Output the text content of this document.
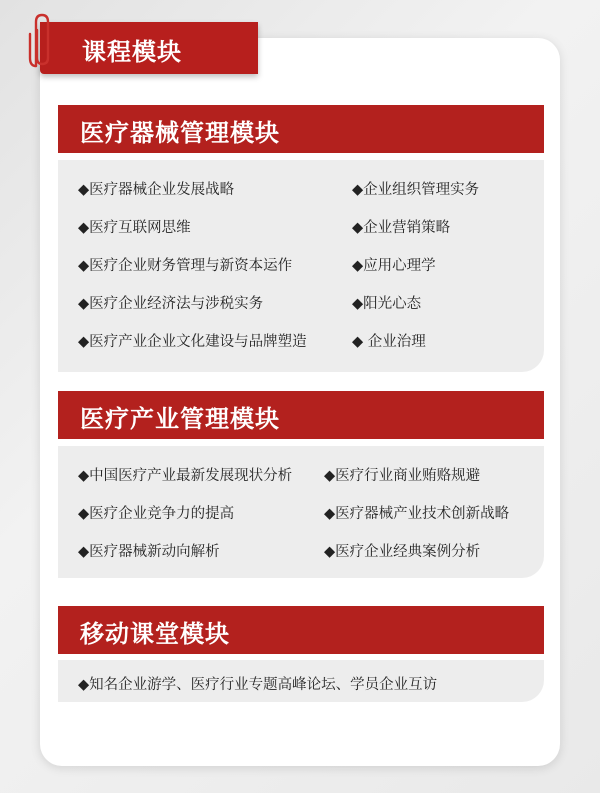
课程模块
医疗器械管理模块
◆医疗器械企业发展战略
◆医疗互联网思维
◆医疗企业财务管理与新资本运作
◆医疗企业经济法与涉税实务
◆医疗产业企业文化建设与品牌塑造
◆企业组织管理实务
◆企业营销策略
◆应用心理学
◆阳光心态
◆ 企业治理
医疗产业管理模块
◆中国医疗产业最新发展现状分析
◆医疗企业竞争力的提高
◆医疗器械新动向解析
◆医疗行业商业贿赂规避
◆医疗器械产业技术创新战略
◆医疗企业经典案例分析
移动课堂模块
◆知名企业游学、医疗行业专题高峰论坛、学员企业互访
